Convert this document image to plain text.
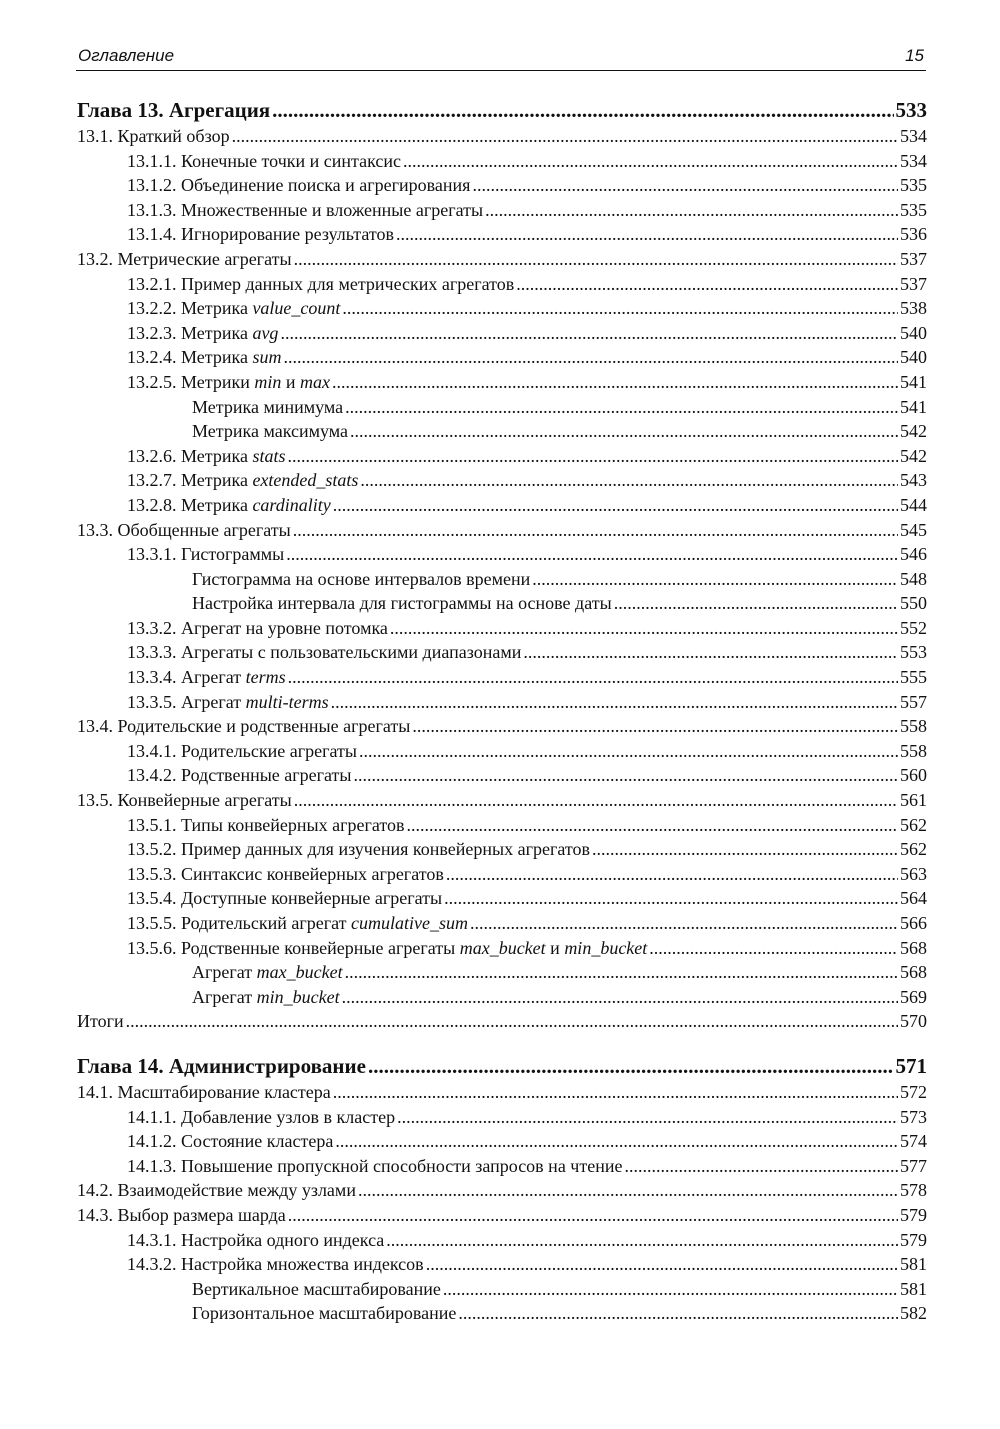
Оглавление	15
Глава 13. Агрегация .....	533
13.1. Краткий обзор .....	534
13.1.1. Конечные точки и синтаксис .....	534
13.1.2. Объединение поиска и агрегирования .....	535
13.1.3. Множественные и вложенные агрегаты .....	535
13.1.4. Игнорирование результатов .....	536
13.2. Метрические агрегаты .....	537
13.2.1. Пример данных для метрических агрегатов .....	537
13.2.2. Метрика value_count .....	538
13.2.3. Метрика avg .....	540
13.2.4. Метрика sum .....	540
13.2.5. Метрики min и max .....	541
Метрика минимума .....	541
Метрика максимума .....	542
13.2.6. Метрика stats .....	542
13.2.7. Метрика extended_stats .....	543
13.2.8. Метрика cardinality .....	544
13.3. Обобщенные агрегаты .....	545
13.3.1. Гистограммы .....	546
Гистограмма на основе интервалов времени .....	548
Настройка интервала для гистограммы на основе даты .....	550
13.3.2. Агрегат на уровне потомка .....	552
13.3.3. Агрегаты с пользовательскими диапазонами .....	553
13.3.4. Агрегат terms .....	555
13.3.5. Агрегат multi-terms .....	557
13.4. Родительские и родственные агрегаты .....	558
13.4.1. Родительские агрегаты .....	558
13.4.2. Родственные агрегаты .....	560
13.5. Конвейерные агрегаты .....	561
13.5.1. Типы конвейерных агрегатов .....	562
13.5.2. Пример данных для изучения конвейерных агрегатов .....	562
13.5.3. Синтаксис конвейерных агрегатов .....	563
13.5.4. Доступные конвейерные агрегаты .....	564
13.5.5. Родительский агрегат cumulative_sum .....	566
13.5.6. Родственные конвейерные агрегаты max_bucket и min_bucket .....	568
Агрегат max_bucket .....	568
Агрегат min_bucket .....	569
Итоги .....	570
Глава 14. Администрирование .....	571
14.1. Масштабирование кластера .....	572
14.1.1. Добавление узлов в кластер .....	573
14.1.2. Состояние кластера .....	574
14.1.3. Повышение пропускной способности запросов на чтение .....	577
14.2. Взаимодействие между узлами .....	578
14.3. Выбор размера шарда .....	579
14.3.1. Настройка одного индекса .....	579
14.3.2. Настройка множества индексов .....	581
Вертикальное масштабирование .....	581
Горизонтальное масштабирование .....	582
